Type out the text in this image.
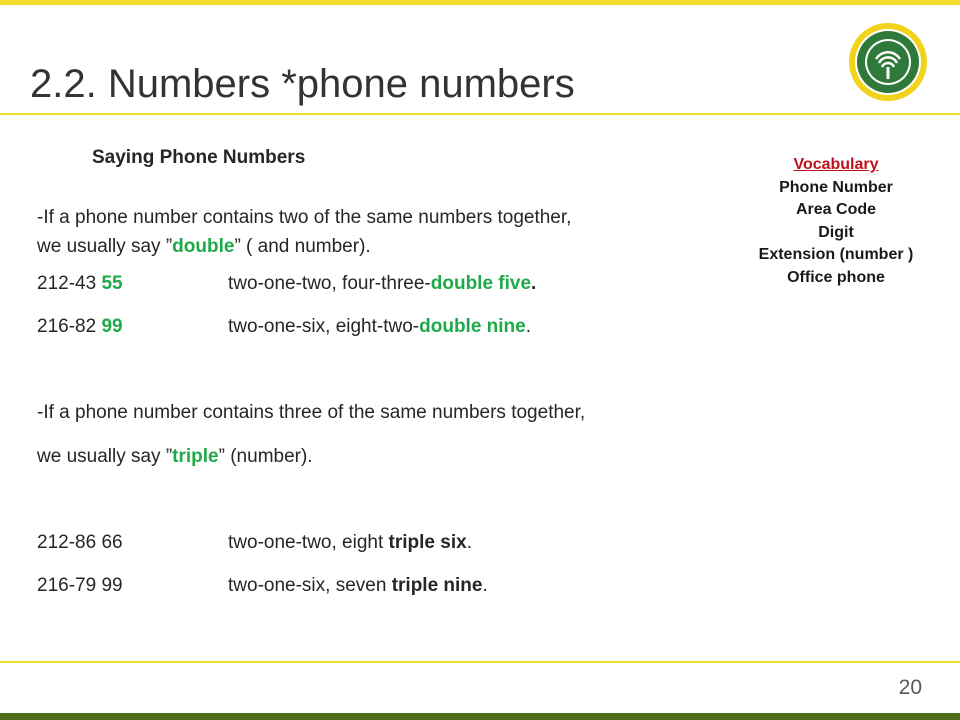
2.2. Numbers *phone numbers
Saying Phone Numbers
-If a phone number contains two of the same numbers together,
we usually say ”double” ( and number).
212-43 55	two-one-two, four-three-double five.
216-82 99	two-one-six, eight-two-double nine.
-If a phone number contains three of the same numbers together,
we usually say ”triple” (number).
212-86 66	two-one-two, eight triple six.
216-79 99	two-one-six, seven triple nine.
Vocabulary
Phone Number
Area Code
Digit
Extension (number )
Office phone
20
